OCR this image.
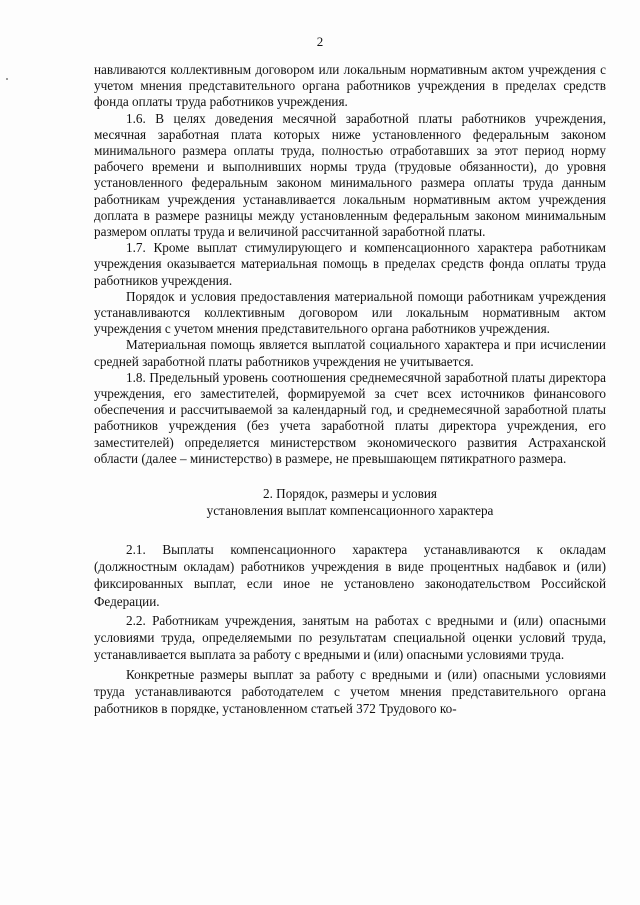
2

навливаются коллективным договором или локальным нормативным актом учреждения с учетом мнения представительного органа работников учреждения в пределах средств фонда оплаты труда работников учреждения.

1.6. В целях доведения месячной заработной платы работников учреждения, месячная заработная плата которых ниже установленного федеральным законом минимального размера оплаты труда, полностью отработавших за этот период норму рабочего времени и выполнивших нормы труда (трудовые обязанности), до уровня установленного федеральным законом минимального размера оплаты труда данным работникам учреждения устанавливается локальным нормативным актом учреждения доплата в размере разницы между установленным федеральным законом минимальным размером оплаты труда и величиной рассчитанной заработной платы.

1.7. Кроме выплат стимулирующего и компенсационного характера работникам учреждения оказывается материальная помощь в пределах средств фонда оплаты труда работников учреждения.

Порядок и условия предоставления материальной помощи работникам учреждения устанавливаются коллективным договором или локальным нормативным актом учреждения с учетом мнения представительного органа работников учреждения.

Материальная помощь является выплатой социального характера и при исчислении средней заработной платы работников учреждения не учитывается.

1.8. Предельный уровень соотношения среднемесячной заработной платы директора учреждения, его заместителей, формируемой за счет всех источников финансового обеспечения и рассчитываемой за календарный год, и среднемесячной заработной платы работников учреждения (без учета заработной платы директора учреждения, его заместителей) определяется министерством экономического развития Астраханской области (далее – министерство) в размере, не превышающем пятикратного размера.

2. Порядок, размеры и условия
установления выплат компенсационного характера

2.1. Выплаты компенсационного характера устанавливаются к окладам (должностным окладам) работников учреждения в виде процентных надбавок и (или) фиксированных выплат, если иное не установлено законодательством Российской Федерации.

2.2. Работникам учреждения, занятым на работах с вредными и (или) опасными условиями труда, определяемыми по результатам специальной оценки условий труда, устанавливается выплата за работу с вредными и (или) опасными условиями труда.

Конкретные размеры выплат за работу с вредными и (или) опасными условиями труда устанавливаются работодателем с учетом мнения представительного органа работников в порядке, установленном статьей 372 Трудового ко-
